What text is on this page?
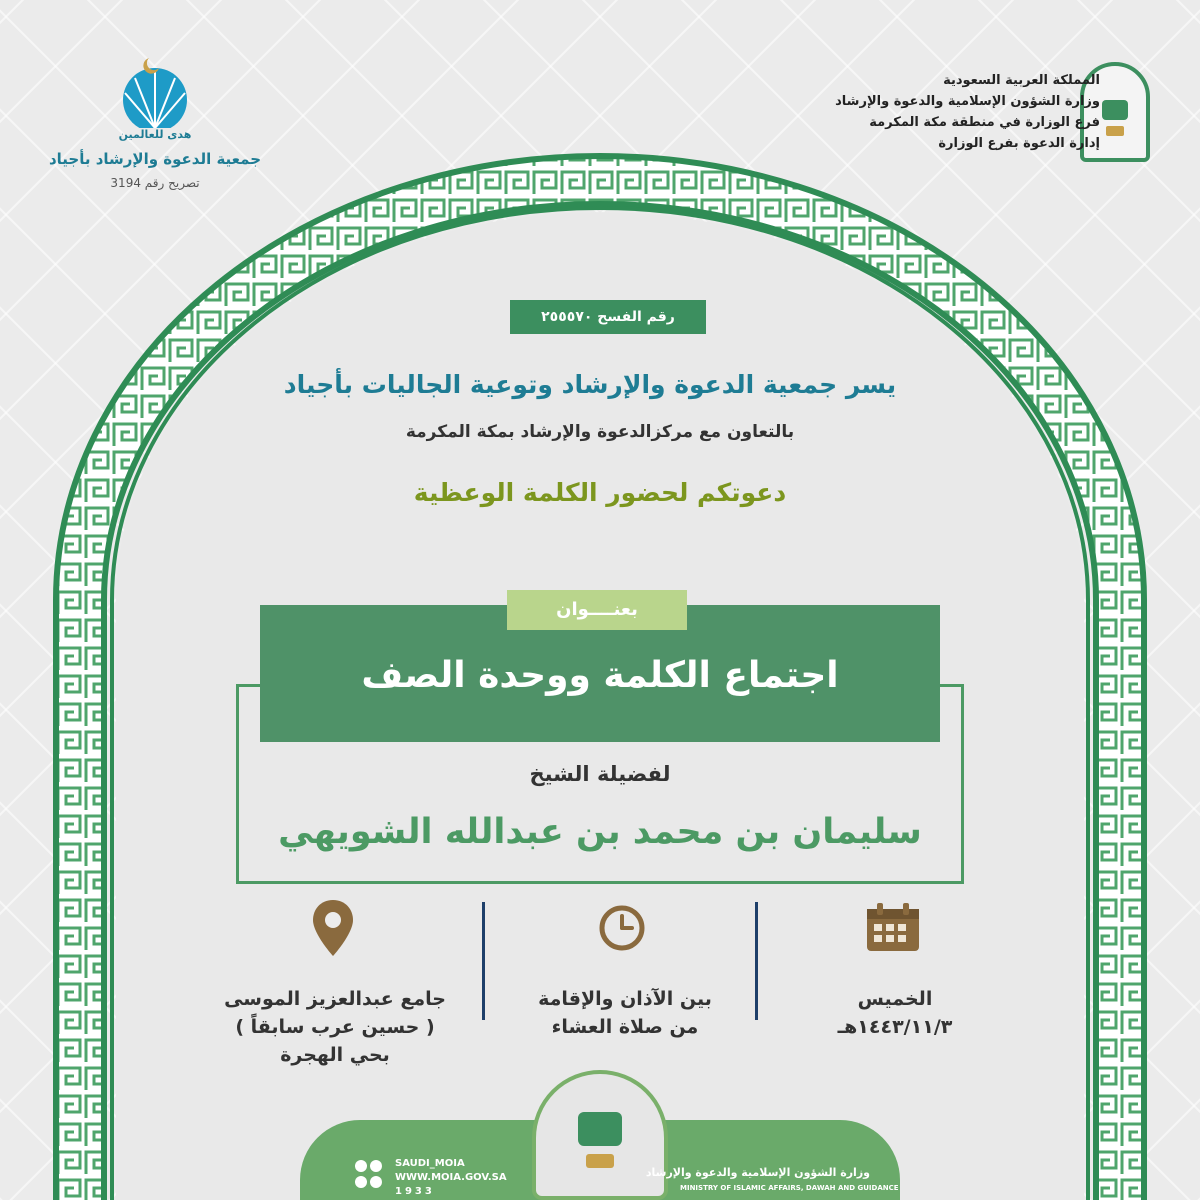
المملكة العربية السعودية
وزارة الشؤون الإسلامية والدعوة والإرشاد
فرع الوزارة في منطقة مكة المكرمة
إدارة الدعوة بفرع الوزارة
هدى للعالمين
جمعية الدعوة والإرشاد بأجياد
تصريح رقم 3194
رقم الفسح ٢٥٥٥٧٠
يسر جمعية الدعوة والإرشاد وتوعية الجاليات بأجياد
بالتعاون مع مركزالدعوة والإرشاد بمكة المكرمة
دعوتكم لحضور الكلمة الوعظية
بعنــــوان
اجتماع الكلمة ووحدة الصف
لفضيلة الشيخ
سليمان بن محمد بن عبدالله الشويهي
الخميس
١٤٤٣/١١/٣هـ
بين الآذان والإقامة
من صلاة العشاء
جامع عبدالعزيز الموسى
( حسين عرب سابقاً )
بحي الهجرة
SAUDI_MOIA
WWW.MOIA.GOV.SA
1933
وزارة الشؤون الإسلامية والدعوة والإرشاد
MINISTRY OF ISLAMIC AFFAIRS, DAWAH AND GUIDANCE
